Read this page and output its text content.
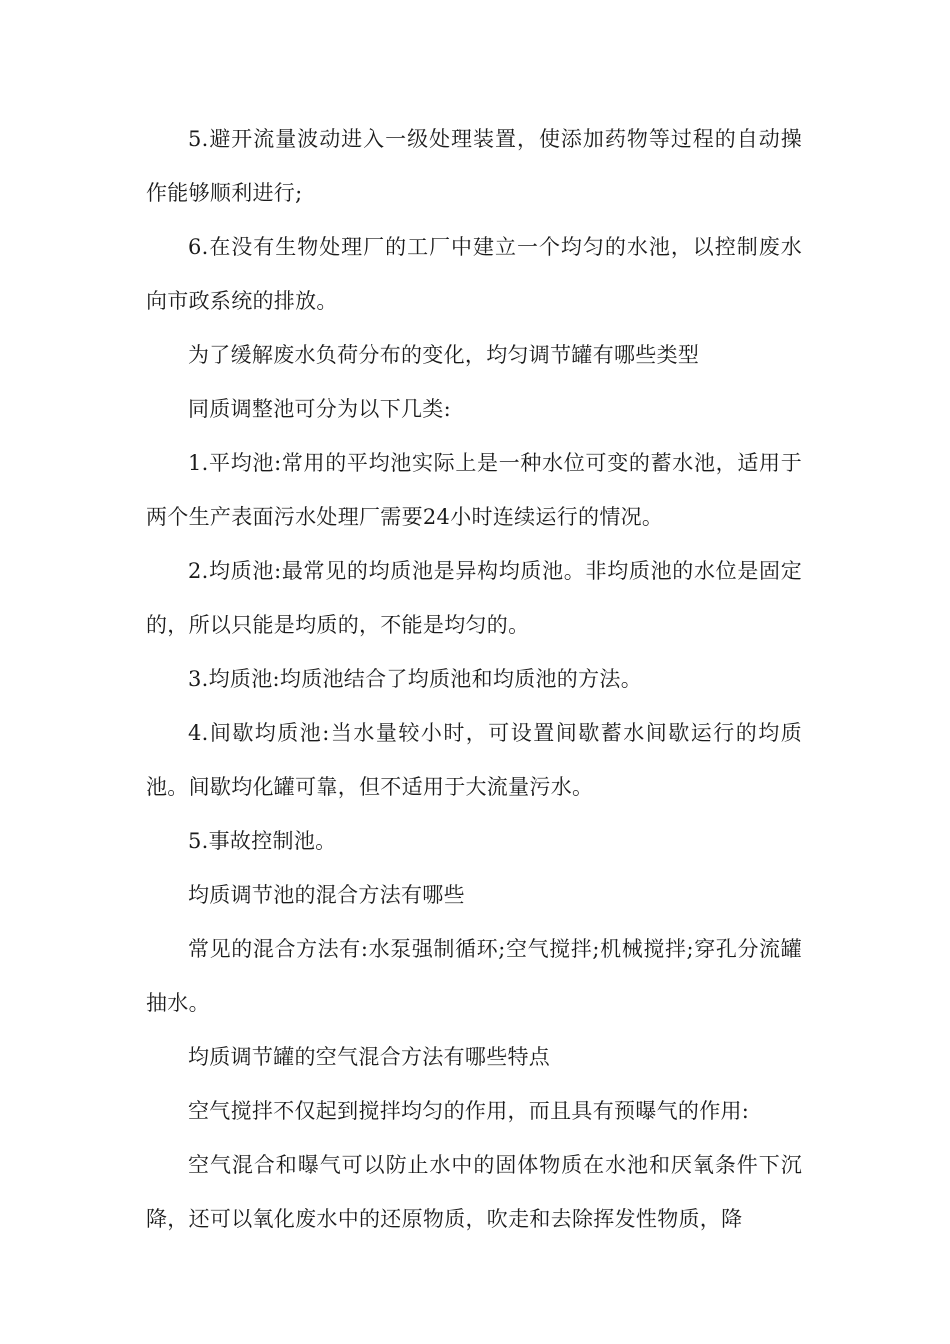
5.避开流量波动进入一级处理装置，使添加药物等过程的自动操作能够顺利进行;

6.在没有生物处理厂的工厂中建立一个均匀的水池，以控制废水向市政系统的排放。

为了缓解废水负荷分布的变化，均匀调节罐有哪些类型

同质调整池可分为以下几类:

1.平均池:常用的平均池实际上是一种水位可变的蓄水池，适用于两个生产表面污水处理厂需要24小时连续运行的情况。

2.均质池:最常见的均质池是异构均质池。非均质池的水位是固定的，所以只能是均质的，不能是均匀的。

3.均质池:均质池结合了均质池和均质池的方法。

4.间歇均质池:当水量较小时，可设置间歇蓄水间歇运行的均质池。间歇均化罐可靠，但不适用于大流量污水。

5.事故控制池。

均质调节池的混合方法有哪些

常见的混合方法有:水泵强制循环;空气搅拌;机械搅拌;穿孔分流罐抽水。

均质调节罐的空气混合方法有哪些特点

空气搅拌不仅起到搅拌均匀的作用，而且具有预曝气的作用:

空气混合和曝气可以防止水中的固体物质在水池和厌氧条件下沉降，还可以氧化废水中的还原物质，吹走和去除挥发性物质，降
